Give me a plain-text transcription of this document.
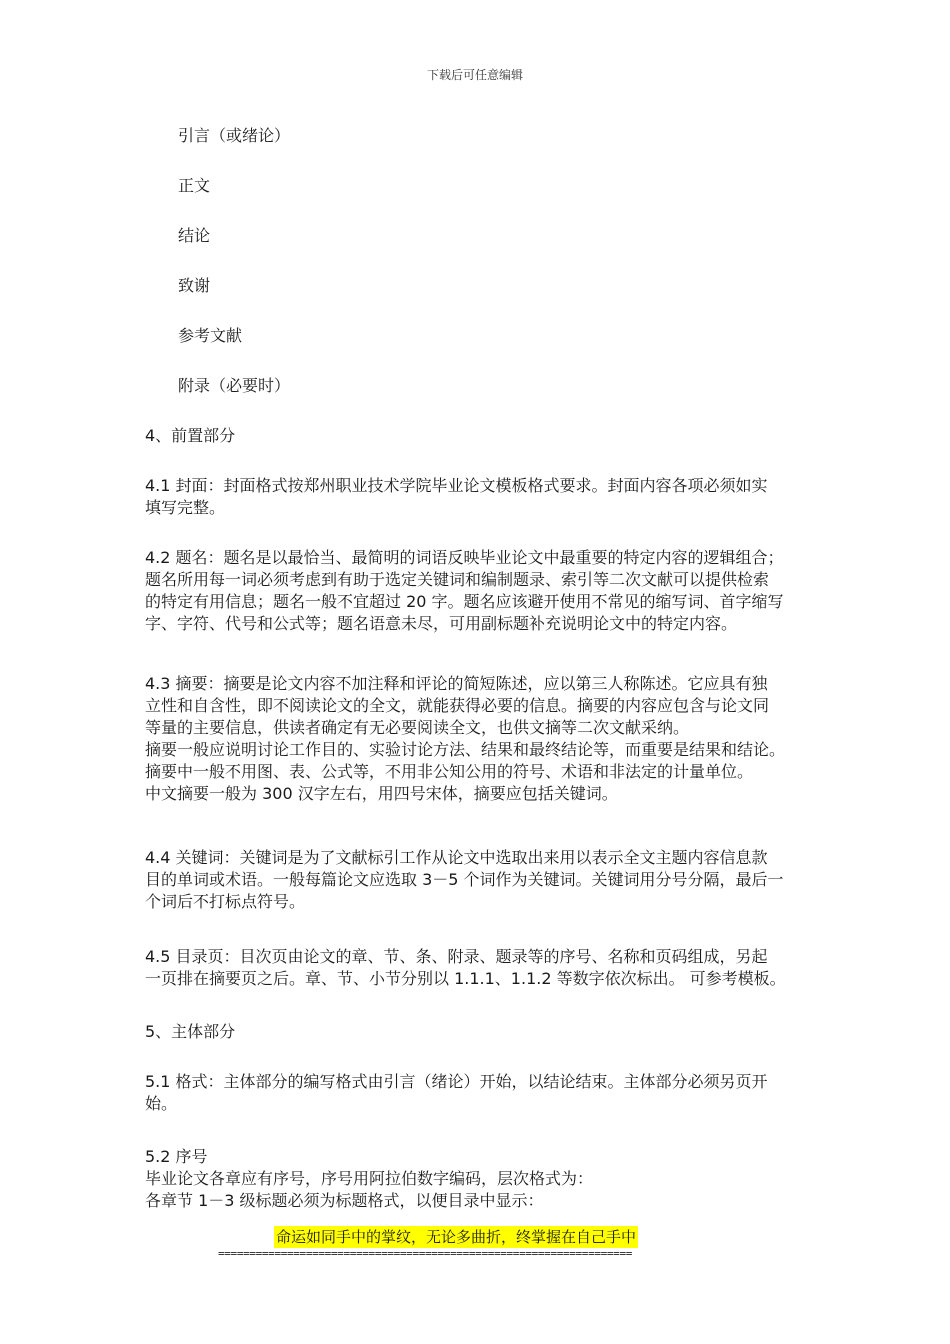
下载后可任意编辑
引言（或绪论）
正文
结论
致谢
参考文献
附录（必要时）

4、前置部分

4.1 封面：封面格式按郑州职业技术学院毕业论文模板格式要求。封面内容各项必须如实

填写完整。

4.2 题名：题名是以最恰当、最简明的词语反映毕业论文中最重要的特定内容的逻辑组合；

题名所用每一词必须考虑到有助于选定关键词和编制题录、索引等二次文献可以提供检索

的特定有用信息；题名一般不宜超过 20 字。题名应该避开使用不常见的缩写词、首字缩写

字、字符、代号和公式等；题名语意未尽，可用副标题补充说明论文中的特定内容。

4.3 摘要：摘要是论文内容不加注释和评论的简短陈述，应以第三人称陈述。它应具有独

立性和自含性，即不阅读论文的全文，就能获得必要的信息。摘要的内容应包含与论文同

等量的主要信息，供读者确定有无必要阅读全文，也供文摘等二次文献采纳。

摘要一般应说明讨论工作目的、实验讨论方法、结果和最终结论等，而重要是结果和结论。

摘要中一般不用图、表、公式等，不用非公知公用的符号、术语和非法定的计量单位。

中文摘要一般为 300 汉字左右，用四号宋体，摘要应包括关键词。

4.4 关键词：关键词是为了文献标引工作从论文中选取出来用以表示全文主题内容信息款

目的单词或术语。一般每篇论文应选取 3－5 个词作为关键词。关键词用分号分隔，最后一

个词后不打标点符号。

4.5 目录页：目次页由论文的章、节、条、附录、题录等的序号、名称和页码组成，另起

一页排在摘要页之后。章、节、小节分别以 1.1.1、1.1.2 等数字依次标出。 可参考模板。

5、主体部分

5.1 格式：主体部分的编写格式由引言（绪论）开始，以结论结束。主体部分必须另页开

始。

5.2 序号

毕业论文各章应有序号，序号用阿拉伯数字编码，层次格式为：

各章节 1－3 级标题必须为标题格式，以便目录中显示：

命运如同手中的掌纹，无论多曲折，终掌握在自己手中
==================================================================
